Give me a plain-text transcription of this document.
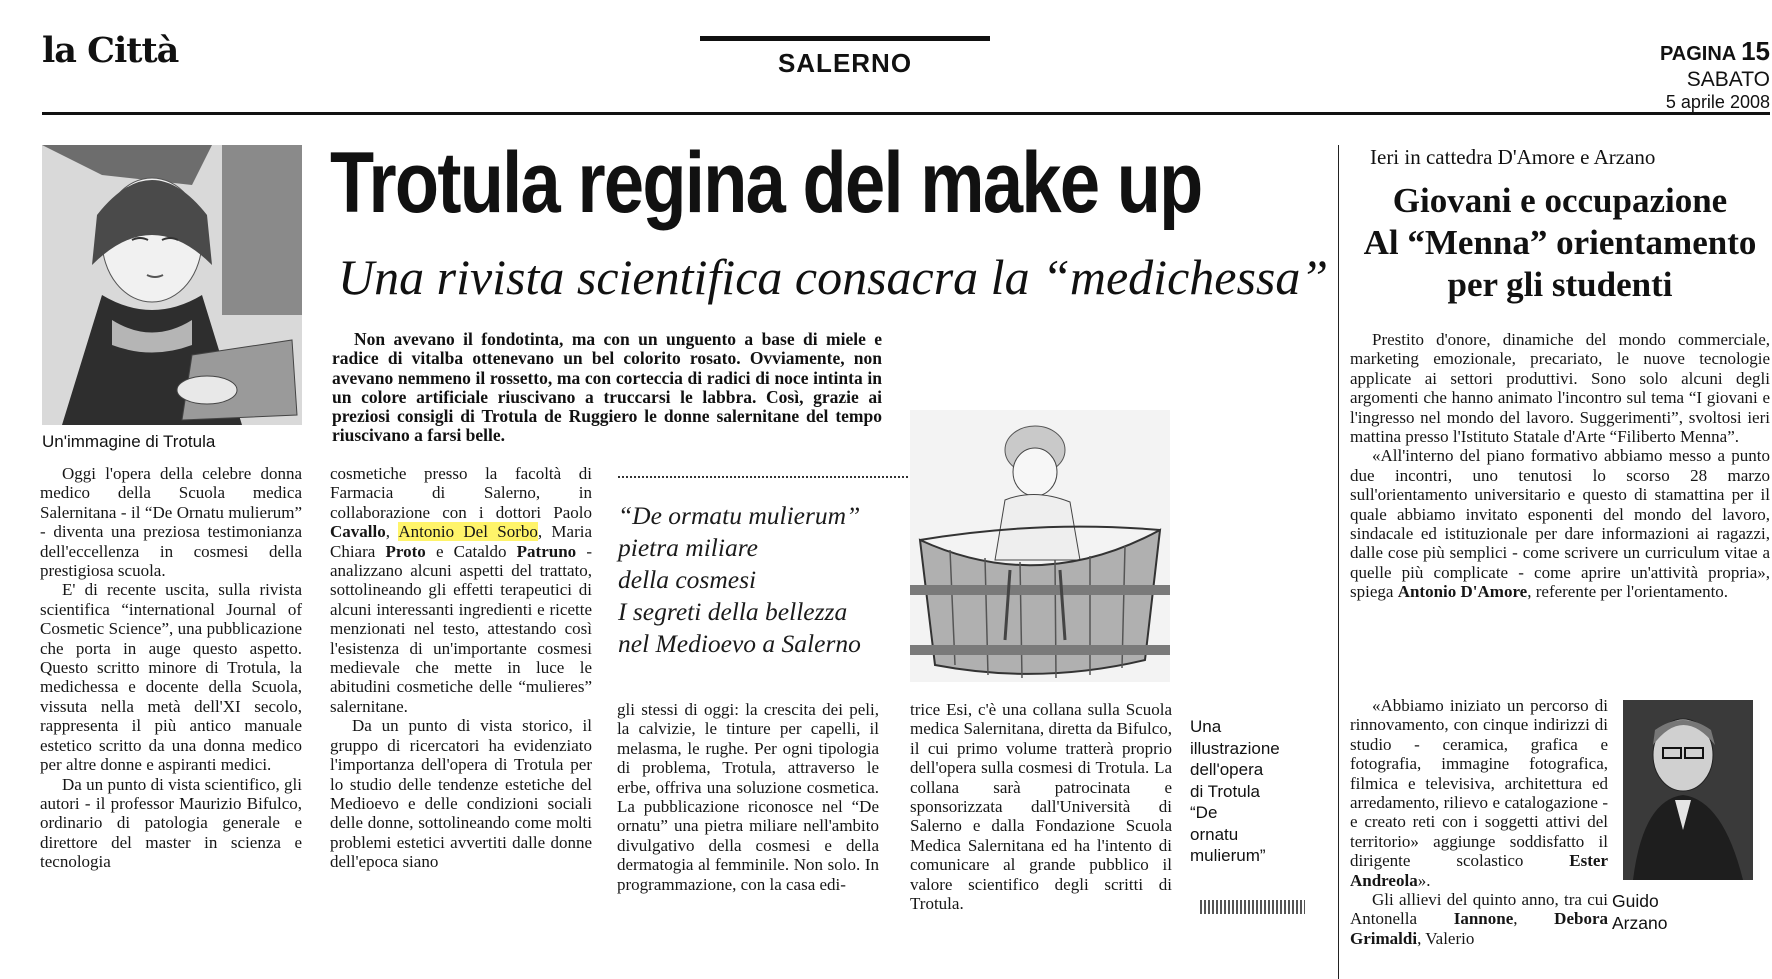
la Città	SALERNO	PAGINA 15
SABATO
5 aprile 2008
Un'immagine di Trotula
Trotula regina del make up
Una rivista scientifica consacra la “medichessa”
Non avevano il fondotinta, ma con un unguento a base di miele e radice di vitalba ottenevano un bel colorito rosato. Ovviamente, non avevano nemmeno il rossetto, ma con corteccia di radici di noce intinta in un colore artificiale riuscivano a truccarsi le labbra. Così, grazie ai preziosi consigli di Trotula de Ruggiero le donne salernitane del tempo riuscivano a farsi belle.

Oggi l'opera della celebre donna medico della Scuola medica Salernitana - il “De Ornatu mulierum” - diventa una preziosa testimonianza dell'eccellenza in cosmesi della prestigiosa scuola.

E' di recente uscita, sulla rivista scientifica “international Journal of Cosmetic Science”, una pubblicazione che porta in auge questo aspetto. Questo scritto minore di Trotula, la medichessa e docente della Scuola, vissuta nella metà dell'XI secolo, rappresenta il più antico manuale estetico scritto da una donna medico per altre donne e aspiranti medici.

Da un punto di vista scientifico, gli autori - il professor Maurizio Bifulco, ordinario di patologia generale e direttore del master in scienza e tecnologia

cosmetiche presso la facoltà di Farmacia di Salerno, in collaborazione con i dottori Paolo Cavallo, Antonio Del Sorbo, Maria Chiara Proto e Cataldo Patruno - analizzano alcuni aspetti del trattato, sottolineando gli effetti terapeutici di alcuni interessanti ingredienti e ricette menzionati nel testo, attestando così l'esistenza di un'importante cosmesi medievale che mette in luce le abitudini cosmetiche delle “mulieres” salernitane.

Da un punto di vista storico, il gruppo di ricercatori ha evidenziato l'importanza dell'opera di Trotula per lo studio delle tendenze estetiche del Medioevo e delle condizioni sociali delle donne, sottolineando come molti problemi estetici avvertiti dalle donne dell'epoca siano

“De ormatu mulierum”
pietra miliare
della cosmesi
I segreti della bellezza
nel Medioevo a Salerno

gli stessi di oggi: la crescita dei peli, la calvizie, le tinture per capelli, il melasma, le rughe. Per ogni tipologia di problema, Trotula, attraverso le erbe, offriva una soluzione cosmetica. La pubblicazione riconosce nel “De ornatu” una pietra miliare nell'ambito divulgativo della cosmesi e della dermatogia al femminile. Non solo. In programmazione, con la casa edi-

trice Esi, c'è una collana sulla Scuola medica Salernitana, diretta da Bifulco, il cui primo volume tratterà proprio dell'opera sulla cosmesi di Trotula. La collana sarà patrocinata e sponsorizzata dall'Università di Salerno e dalla Fondazione Scuola Medica Salernitana ed ha l'intento di comunicare al grande pubblico il valore scientifico degli scritti di Trotula.

Una
illustrazione
dell'opera
di Trotula
“De
ornatu
mulierum”
Ieri in cattedra D'Amore e Arzano
Giovani e occupazione
Al “Menna” orientamento
per gli studenti

Prestito d'onore, dinamiche del mondo commerciale, marketing emozionale, precariato, le nuove tecnologie applicate ai settori produttivi. Sono solo alcuni degli argomenti che hanno animato l'incontro sul tema “I giovani e l'ingresso nel mondo del lavoro. Suggerimenti”, svoltosi ieri mattina presso l'Istituto Statale d'Arte “Filiberto Menna”.

«All'interno del piano formativo abbiamo messo a punto due incontri, uno tenutosi lo scorso 28 marzo sull'orientamento universitario e questo di stamattina per il quale abbiamo invitato esponenti del mondo del lavoro, sindacale ed istituzionale per dare informazioni ai ragazzi, dalle cose più semplici - come scrivere un curriculum vitae a quelle più complicate - come aprire un'attività propria», spiega Antonio D'Amore, referente per l'orientamento.

«Abbiamo iniziato un percorso di rinnovamento, con cinque indirizzi di studio - ceramica, grafica e fotografia, immagine fotografica, filmica e televisiva, architettura ed arredamento, rilievo e catalogazione - e creato reti con i soggetti attivi del territorio» aggiunge soddisfatto il dirigente scolastico	Ester Andreola».

Gli allievi del quinto anno, tra cui Antonella Iannone, Debora Grimaldi, Valerio

Guido
Arzano
